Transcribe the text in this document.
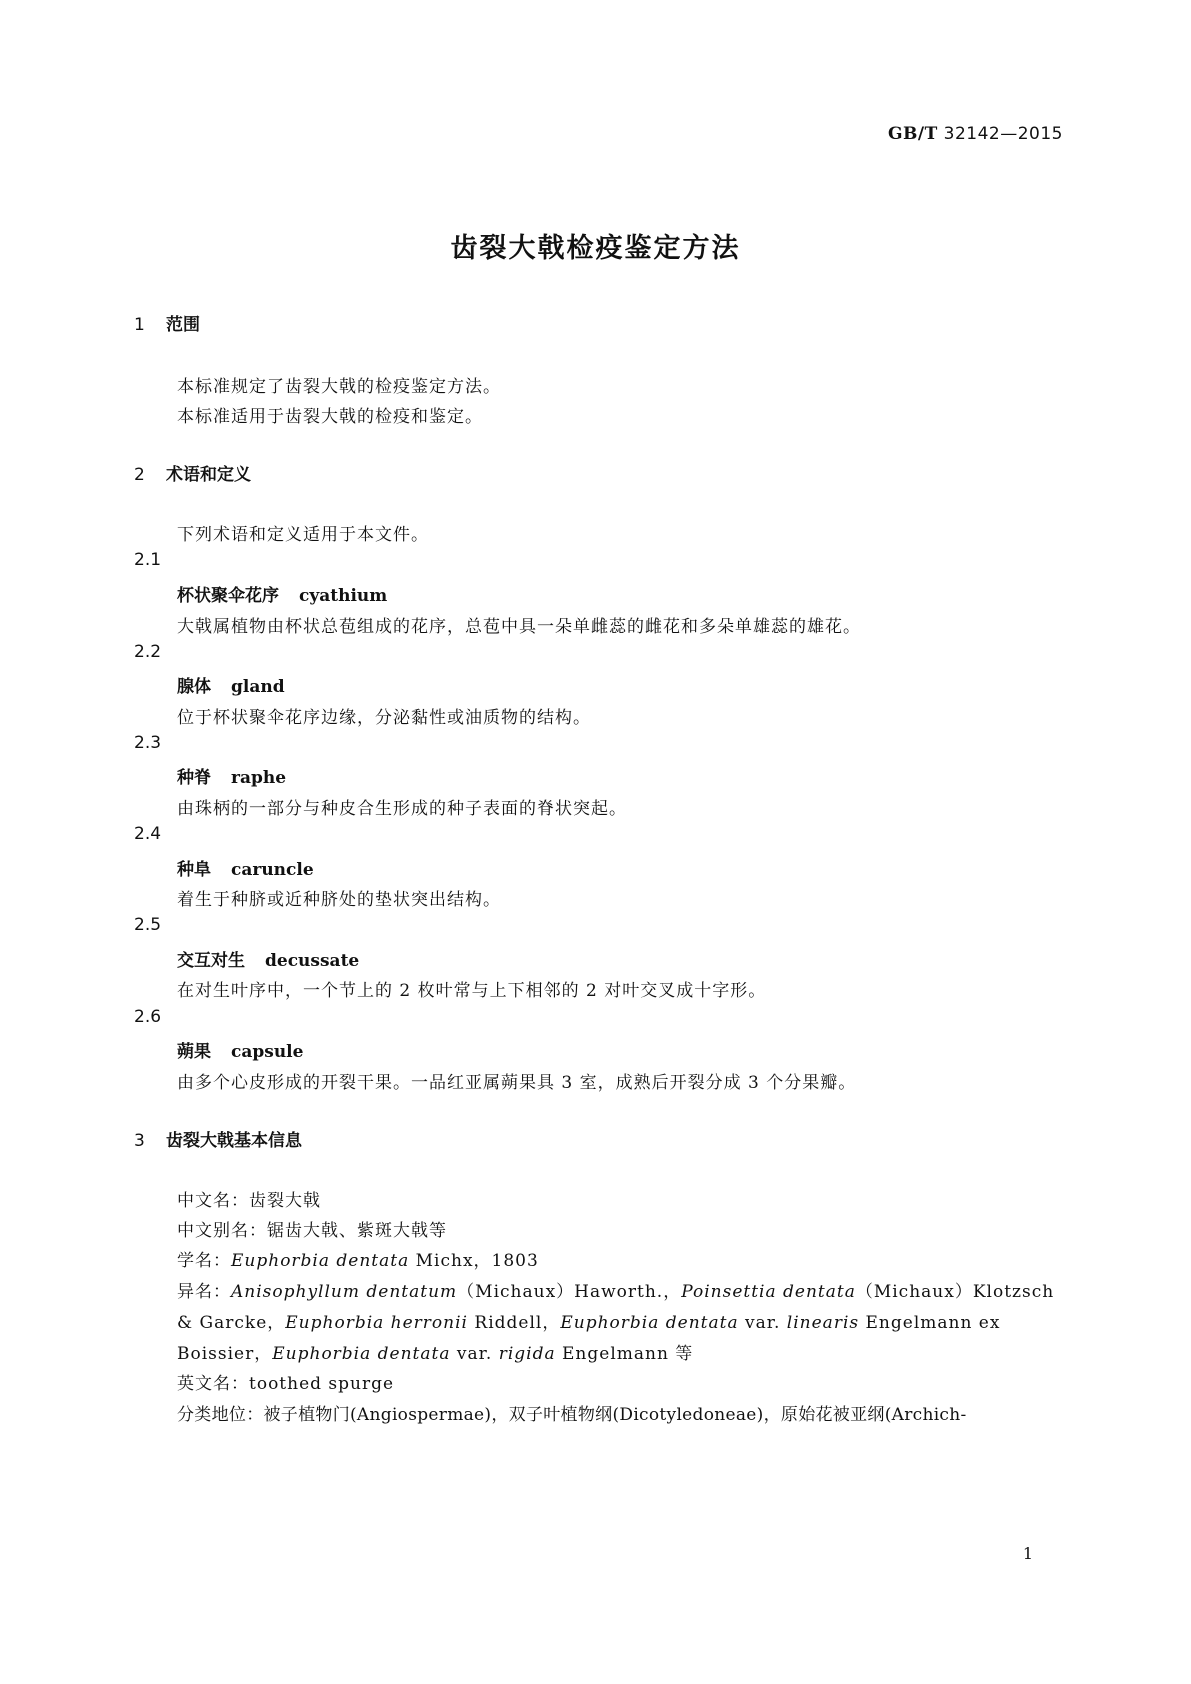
GB/T 32142—2015
齿裂大戟检疫鉴定方法
1 范围
本标准规定了齿裂大戟的检疫鉴定方法。
本标准适用于齿裂大戟的检疫和鉴定。
2 术语和定义
下列术语和定义适用于本文件。
2.1
杯状聚伞花序 cyathium
大戟属植物由杯状总苞组成的花序，总苞中具一朵单雌蕊的雌花和多朵单雄蕊的雄花。
2.2
腺体 gland
位于杯状聚伞花序边缘，分泌黏性或油质物的结构。
2.3
种脊 raphe
由珠柄的一部分与种皮合生形成的种子表面的脊状突起。
2.4
种阜 caruncle
着生于种脐或近种脐处的垫状突出结构。
2.5
交互对生 decussate
在对生叶序中，一个节上的 2 枚叶常与上下相邻的 2 对叶交叉成十字形。
2.6
蒴果 capsule
由多个心皮形成的开裂干果。一品红亚属蒴果具 3 室，成熟后开裂分成 3 个分果瓣。
3 齿裂大戟基本信息
中文名：齿裂大戟
中文别名：锯齿大戟、紫斑大戟等
学名：Euphorbia dentata Michx，1803
异名：Anisophyllum dentatum（Michaux）Haworth.，Poinsettia dentata（Michaux）Klotzsch & Garcke，Euphorbia herronii Riddell，Euphorbia dentata var. linearis Engelmann ex Boissier，Euphorbia dentata var. rigida Engelmann 等
英文名：toothed spurge
分类地位：被子植物门(Angiospermae)，双子叶植物纲(Dicotyledoneae)，原始花被亚纲(Archich-
1
